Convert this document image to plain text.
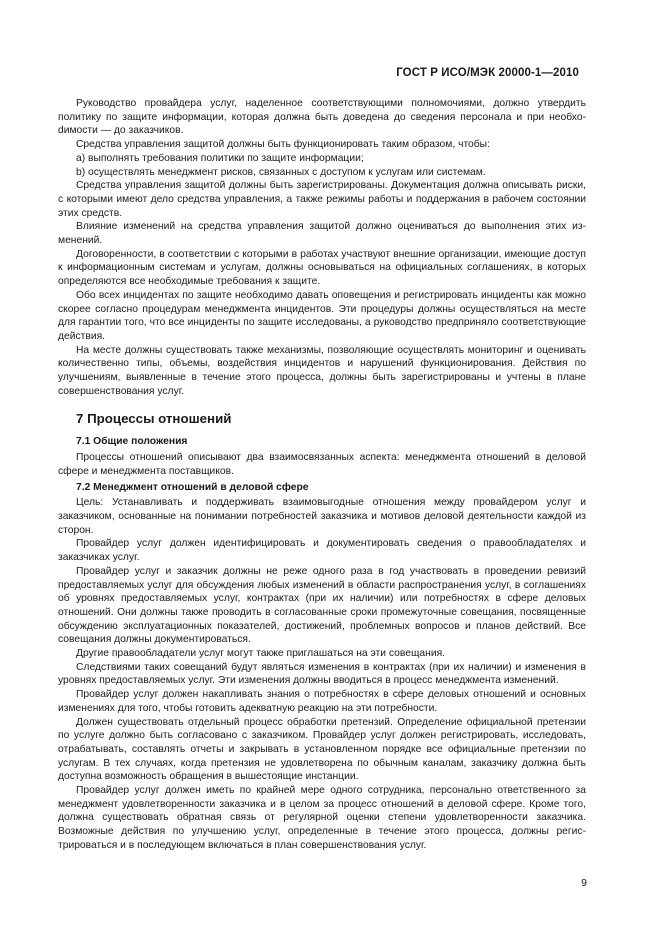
ГОСТ Р ИСО/МЭК 20000-1—2010

Руководство провайдера услуг, наделенное соответствующими полномочиями, должно утвердить политику по защите информации, которая должна быть доведена до сведения персонала и при необхоdимости — до заказчиков.

Средства управления защитой должны быть функционировать таким образом, чтобы:

a) выполнять требования политики по защите информации;

b) осуществлять менеджмент рисков, связанных с доступом к услугам или системам.

Средства управления защитой должны быть зарегистрированы. Документация должна описывать риски, с которыми имеют дело средства управления, а также режимы работы и поддержания в рабочем состоянии этих средств.

Влияние изменений на средства управления защитой должно оцениваться до выполнения этих изменений.

Договоренности, в соответствии с которыми в работах участвуют внешние организации, имеющие доступ к информационным системам и услугам, должны основываться на официальных соглашениях, в которых определяются все необходимые требования к защите.

Обо всех инцидентах по защите необходимо давать оповещения и регистрировать инциденты как можно скорее согласно процедурам менеджмента инцидентов. Эти процедуры должны осуществляться на месте для гарантии того, что все инциденты по защите исследованы, а руководство предприняло соответствующие действия.

На месте должны существовать также механизмы, позволяющие осуществлять мониторинг и оценивать количественно типы, объемы, воздействия инцидентов и нарушений функционирования. Действия по улучшениям, выявленные в течение этого процесса, должны быть зарегистрированы и учтены в плане совершенствования услуг.

7 Процессы отношений
7.1 Общие положения

Процессы отношений описывают два взаимосвязанных аспекта: менеджмента отношений в деловой сфере и менеджмента поставщиков.

7.2 Менеджмент отношений в деловой сфере

Цель: Устанавливать и поддерживать взаимовыгодные отношения между провайдером услуг и заказчиком, основанные на понимании потребностей заказчика и мотивов деловой деятельности каждой из сторон.

Провайдер услуг должен идентифицировать и документировать сведения о правообладателях и заказчиках услуг.

Провайдер услуг и заказчик должны не реже одного раза в год участвовать в проведении ревизий предоставляемых услуг для обсуждения любых изменений в области распространения услуг, в соглашениях об уровнях предоставляемых услуг, контрактах (при их наличии) или потребностях в сфере деловых отношений. Они должны также проводить в согласованные сроки промежуточные совещания, посвященные обсуждению эксплуатационных показателей, достижений, проблемных вопросов и планов действий. Все совещания должны документироваться.

Другие правообладатели услуг могут также приглашаться на эти совещания.

Следствиями таких совещаний будут являться изменения в контрактах (при их наличии) и изменения в уровнях предоставляемых услуг. Эти изменения должны вводиться в процесс менеджмента изменений.

Провайдер услуг должен накапливать знания о потребностях в сфере деловых отношений и основных изменениях для того, чтобы готовить адекватную реакцию на эти потребности.

Должен существовать отдельный процесс обработки претензий. Определение официальной претензии по услуге должно быть согласовано с заказчиком. Провайдер услуг должен регистрировать, исследовать, отрабатывать, составлять отчеты и закрывать в установленном порядке все официальные претензии по услугам. В тех случаях, когда претензия не удовлетворена по обычным каналам, заказчику должна быть доступна возможность обращения в вышестоящие инстанции.

Провайдер услуг должен иметь по крайней мере одного сотрудника, персонально ответственного за менеджмент удовлетворенности заказчика и в целом за процесс отношений в деловой сфере. Кроме того, должна существовать обратная связь от регулярной оценки степени удовлетворенности заказчика. Возможные действия по улучшению услуг, определенные в течение этого процесса, должны регистрироваться и в последующем включаться в план совершенствования услуг.

9
